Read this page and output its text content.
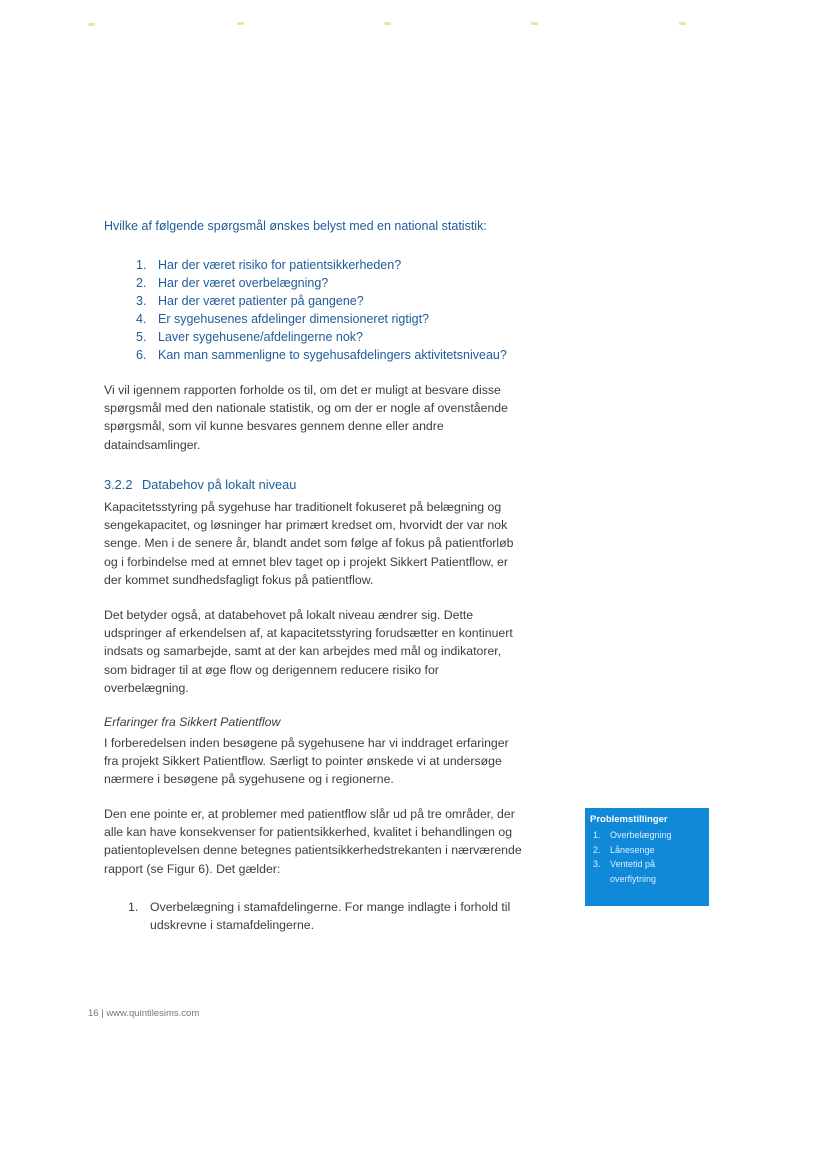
Hvilke af følgende spørgsmål ønskes belyst med en national statistik:
1. Har der været risiko for patientsikkerheden?
2. Har der været overbelægning?
3. Har der været patienter på gangene?
4. Er sygehusenes afdelinger dimensioneret rigtigt?
5. Laver sygehusene/afdelingerne nok?
6. Kan man sammenligne to sygehusafdelingers aktivitetsniveau?
Vi vil igennem rapporten forholde os til, om det er muligt at besvare disse
spørgsmål med den nationale statistik, og om der er nogle af ovenstående
spørgsmål, som vil kunne besvares gennem denne eller andre
dataindsamlinger.
3.2.2 Databehov på lokalt niveau
Kapacitetsstyring på sygehuse har traditionelt fokuseret på belægning og
sengekapacitet, og løsninger har primært kredset om, hvorvidt der var nok
senge. Men i de senere år, blandt andet som følge af fokus på patientforløb
og i forbindelse med at emnet blev taget op i projekt Sikkert Patientflow, er
der kommet sundhedsfagligt fokus på patientflow.
Det betyder også, at databehovet på lokalt niveau ændrer sig. Dette
udspringer af erkendelsen af, at kapacitetsstyring forudsætter en kontinuert
indsats og samarbejde, samt at der kan arbejdes med mål og indikatorer,
som bidrager til at øge flow og derigennem reducere risiko for
overbelægning.
Erfaringer fra Sikkert Patientflow
I forberedelsen inden besøgene på sygehusene har vi inddraget erfaringer
fra projekt Sikkert Patientflow. Særligt to pointer ønskede vi at undersøge
nærmere i besøgene på sygehusene og i regionerne.
Den ene pointe er, at problemer med patientflow slår ud på tre områder, der
alle kan have konsekvenser for patientsikkerhed, kvalitet i behandlingen og
patientoplevelsen denne betegnes patientsikkerhedstrekanten i nærværende
rapport (se Figur 6). Det gælder:
1. Overbelægning i stamafdelingerne. For mange indlagte i forhold til
udskrevne i stamafdelingerne.
Problemstillinger
1. Overbelægning
2. Lånesenge
3. Ventetid på
overflytning
16 | www.quintilesims.com
